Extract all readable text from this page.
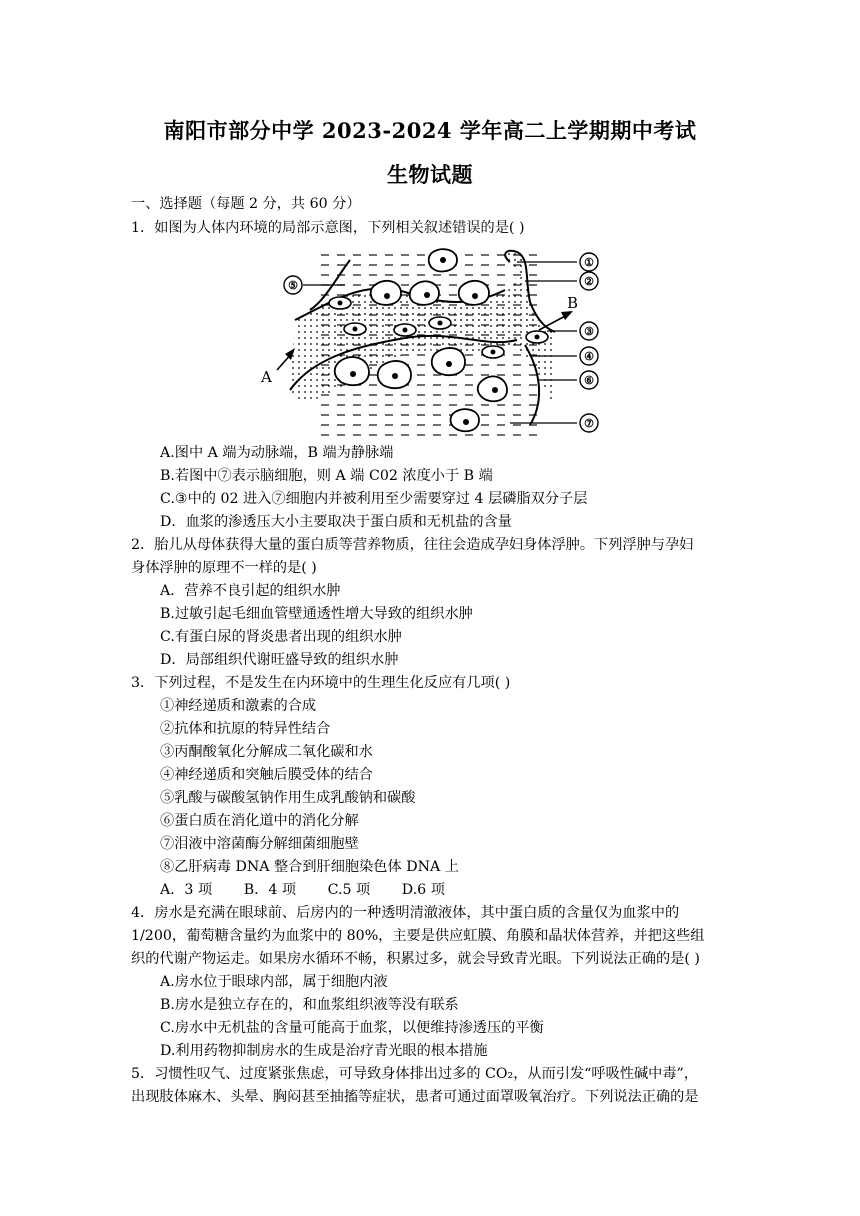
南阳市部分中学 2023-2024 学年高二上学期期中考试
生物试题
一、选择题（每题 2 分，共 60 分）
1．如图为人体内环境的局部示意图，下列相关叙述错误的是( )
⑤
①
②
③
④
⑥
⑦
A
B
A.图中 A 端为动脉端，B 端为静脉端
B.若图中⑦表示脑细胞，则 A 端 C02 浓度小于 B 端
C.③中的 02 进入⑦细胞内并被利用至少需要穿过 4 层磷脂双分子层
D．血浆的渗透压大小主要取决于蛋白质和无机盐的含量
2．胎儿从母体获得大量的蛋白质等营养物质，往往会造成孕妇身体浮肿。下列浮肿与孕妇
身体浮肿的原理不一样的是( )
A．营养不良引起的组织水肿
B.过敏引起毛细血管壁通透性增大导致的组织水肿
C.有蛋白尿的肾炎患者出现的组织水肿
D．局部组织代谢旺盛导致的组织水肿
3．下列过程，不是发生在内环境中的生理生化反应有几项( )
①神经递质和激素的合成
②抗体和抗原的特异性结合
③丙酮酸氧化分解成二氧化碳和水
④神经递质和突触后膜受体的结合
⑤乳酸与碳酸氢钠作用生成乳酸钠和碳酸
⑥蛋白质在消化道中的消化分解
⑦泪液中溶菌酶分解细菌细胞壁
⑧乙肝病毒 DNA 整合到肝细胞染色体 DNA 上
A．3 项       B．4 项       C.5 项       D.6 项
4．房水是充满在眼球前、后房内的一种透明清澈液体，其中蛋白质的含量仅为血浆中的
1/200，葡萄糖含量约为血浆中的 80%，主要是供应虹膜、角膜和晶状体营养，并把这些组
织的代谢产物运走。如果房水循环不畅，积累过多，就会导致青光眼。下列说法正确的是( )
A.房水位于眼球内部，属于细胞内液
B.房水是独立存在的，和血浆组织液等没有联系
C.房水中无机盐的含量可能高于血浆，以便维持渗透压的平衡
D.利用药物抑制房水的生成是治疗青光眼的根本措施
5．习惯性叹气、过度紧张焦虑，可导致身体排出过多的 CO₂，从而引发“呼吸性碱中毒”，
出现肢体麻木、头晕、胸闷甚至抽搐等症状，患者可通过面罩吸氧治疗。下列说法正确的是
